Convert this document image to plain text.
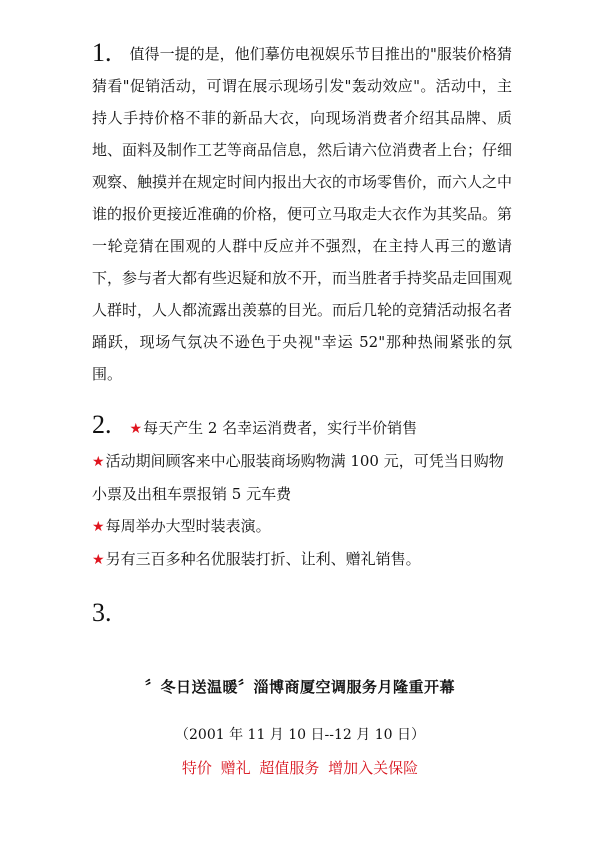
1. 值得一提的是，他们摹仿电视娱乐节目推出的"服装价格猜猜看"促销活动，可谓在展示现场引发"轰动效应"。活动中，主持人手持价格不菲的新品大衣，向现场消费者介绍其品牌、质地、面料及制作工艺等商品信息，然后请六位消费者上台；仔细观察、触摸并在规定时间内报出大衣的市场零售价，而六人之中谁的报价更接近准确的价格，便可立马取走大衣作为其奖品。第一轮竞猜在围观的人群中反应并不强烈，在主持人再三的邀请下，参与者大都有些迟疑和放不开，而当胜者手持奖品走回围观人群时，人人都流露出羡慕的目光。而后几轮的竞猜活动报名者踊跃，现场气氛决不逊色于央视"幸运 52"那种热闹紧张的氛围。
2. ★每天产生 2 名幸运消费者，实行半价销售
★活动期间顾客来中心服装商场购物满 100 元，可凭当日购物小票及出租车票报销 5 元车费
★每周举办大型时装表演。
★另有三百多种名优服装打折、让利、赠礼销售。
3.
〞冬日送温暖〞淄博商厦空调服务月隆重开幕
（2001 年 11 月 10 日--12 月 10 日）
特价 赠礼 超值服务 增加入关保险
